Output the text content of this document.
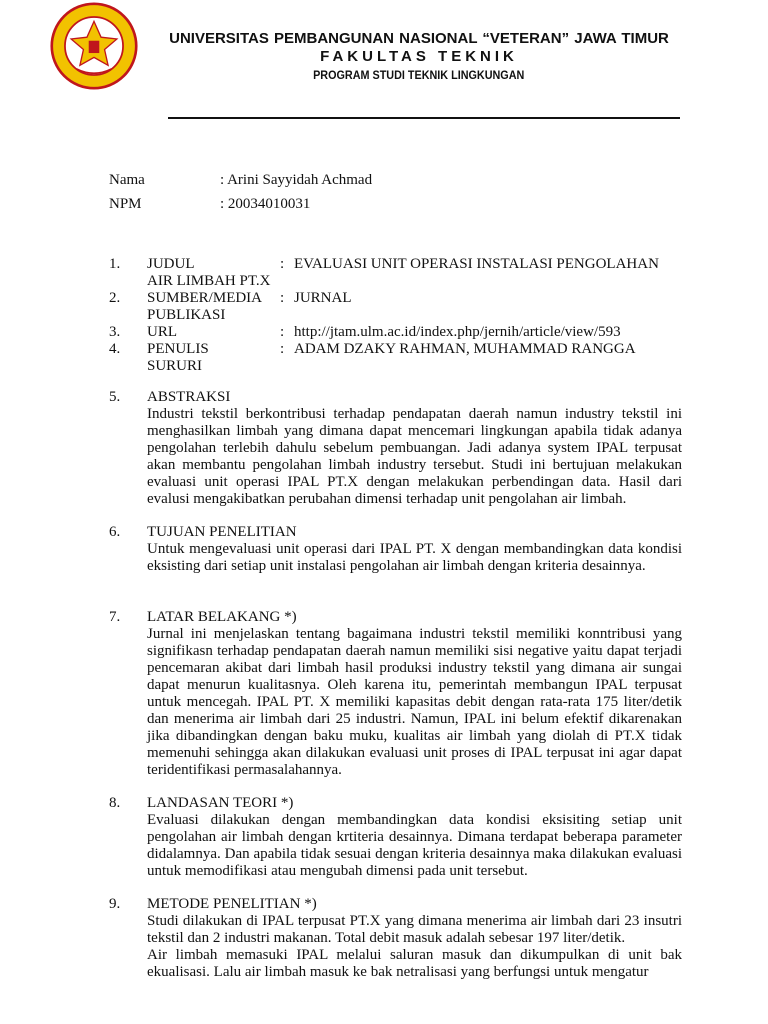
UNIVERSITAS PEMBANGUNAN NASIONAL “VETERAN” JAWA TIMUR
FAKULTAS TEKNIK
PROGRAM STUDI TEKNIK LINGKUNGAN
Nama	: Arini Sayyidah Achmad
NPM	: 20034010031
1. JUDUL	: EVALUASI UNIT OPERASI INSTALASI PENGOLAHAN
AIR LIMBAH PT.X
2. SUMBER/MEDIA : JURNAL
PUBLIKASI
3. URL	: http://jtam.ulm.ac.id/index.php/jernih/article/view/593
4. PENULIS	: ADAM DZAKY RAHMAN, MUHAMMAD RANGGA
SURURI
5. ABSTRAKSI

Industri tekstil berkontribusi terhadap pendapatan daerah namun industry tekstil ini menghasilkan limbah yang dimana dapat mencemari lingkungan apabila tidak adanya pengolahan terlebih dahulu sebelum pembuangan. Jadi adanya system IPAL terpusat akan membantu pengolahan limbah industry tersebut. Studi ini bertujuan melakukan evaluasi unit operasi IPAL PT.X dengan melakukan perbendingan data. Hasil dari evalusi mengakibatkan perubahan dimensi terhadap unit pengolahan air limbah.

6. TUJUAN PENELITIAN

Untuk mengevaluasi unit operasi dari IPAL PT. X dengan membandingkan data kondisi eksisting dari setiap unit instalasi pengolahan air limbah dengan kriteria desainnya.

7. LATAR BELAKANG *)

Jurnal ini menjelaskan tentang bagaimana industri tekstil memiliki konntribusi yang signifikasn terhadap pendapatan daerah namun memiliki sisi negative yaitu dapat terjadi pencemaran akibat dari limbah hasil produksi industry tekstil yang dimana air sungai dapat menurun kualitasnya. Oleh karena itu, pemerintah membangun IPAL terpusat untuk mencegah. IPAL PT. X memiliki kapasitas debit dengan rata-rata 175 liter/detik dan menerima air limbah dari 25 industri. Namun, IPAL ini belum efektif dikarenakan jika dibandingkan dengan baku muku, kualitas air limbah yang diolah di PT.X tidak memenuhi sehingga akan dilakukan evaluasi unit proses di IPAL terpusat ini agar dapat teridentifikasi permasalahannya.

8. LANDASAN TEORI *)

Evaluasi dilakukan dengan membandingkan data kondisi eksisiting setiap unit pengolahan air limbah dengan krtiteria desainnya. Dimana terdapat beberapa parameter didalamnya. Dan apabila tidak sesuai dengan kriteria desainnya maka dilakukan evaluasi untuk memodifikasi atau mengubah dimensi pada unit tersebut.

9. METODE PENELITIAN *)

Studi dilakukan di IPAL terpusat PT.X yang dimana menerima air limbah dari 23 insutri tekstil dan 2 industri makanan. Total debit masuk adalah sebesar 197 liter/detik.

Air limbah memasuki IPAL melalui saluran masuk dan dikumpulkan di unit bak ekualisasi. Lalu air limbah masuk ke bak netralisasi yang berfungsi untuk mengatur
